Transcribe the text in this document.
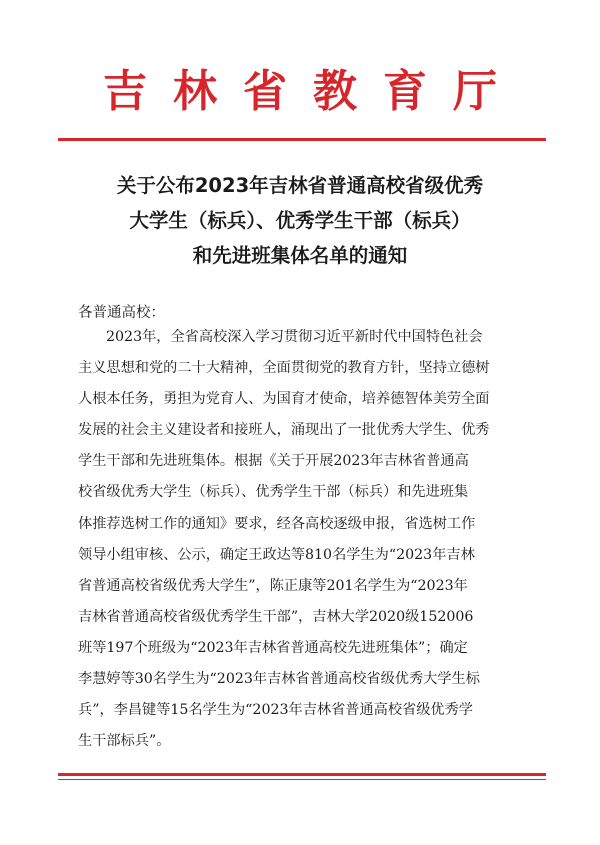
吉林省教育厅
关于公布2023年吉林省普通高校省级优秀
大学生（标兵）、优秀学生干部（标兵）
和先进班集体名单的通知
各普通高校：
2023年，全省高校深入学习贯彻习近平新时代中国特色社会
主义思想和党的二十大精神，全面贯彻党的教育方针，坚持立德树
人根本任务，勇担为党育人、为国育才使命，培养德智体美劳全面
发展的社会主义建设者和接班人，涌现出了一批优秀大学生、优秀
学生干部和先进班集体。根据《关于开展2023年吉林省普通高
校省级优秀大学生（标兵）、优秀学生干部（标兵）和先进班集
体推荐选树工作的通知》要求，经各高校逐级申报，省选树工作
领导小组审核、公示，确定王政达等810名学生为“2023年吉林
省普通高校省级优秀大学生”，陈正康等201名学生为“2023年
吉林省普通高校省级优秀学生干部”，吉林大学2020级152006
班等197个班级为“2023年吉林省普通高校先进班集体”；确定
李慧婷等30名学生为“2023年吉林省普通高校省级优秀大学生标
兵”，李昌键等15名学生为“2023年吉林省普通高校省级优秀学
生干部标兵”。
